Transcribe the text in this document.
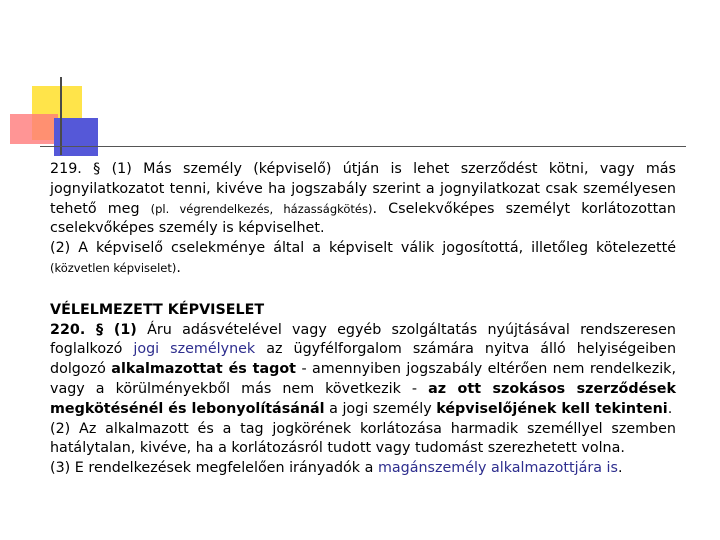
219. § (1) Más személy (képviselő) útján is lehet szerződést kötni, vagy más jognyilatkozatot tenni, kivéve ha jogszabály szerint a jognyilatkozat csak személyesen tehető meg (pl. végrendelkezés, házasságkötés). Cselekvőképes személyt korlátozottan cselekvőképes személy is képviselhet.

(2) A képviselő cselekménye által a képviselt válik jogosítottá, illetőleg kötelezetté (közvetlen képviselet).

VÉLELMEZETT KÉPVISELET

220. § (1) Áru adásvételével vagy egyéb szolgáltatás nyújtásával rendszeresen foglalkozó jogi személynek az ügyfélforgalom számára nyitva álló helyiségeiben dolgozó alkalmazottat és tagot - amennyiben jogszabály eltérően nem rendelkezik, vagy a körülményekből más nem következik - az ott szokásos szerződések megkötésénél és lebonyolításánál a jogi személy képviselőjének kell tekinteni.

(2) Az alkalmazott és a tag jogkörének korlátozása harmadik személlyel szemben hatálytalan, kivéve, ha a korlátozásról tudott vagy tudomást szerezhetett volna.

(3) E rendelkezések megfelelően irányadók a magánszemély alkalmazottjára is.
